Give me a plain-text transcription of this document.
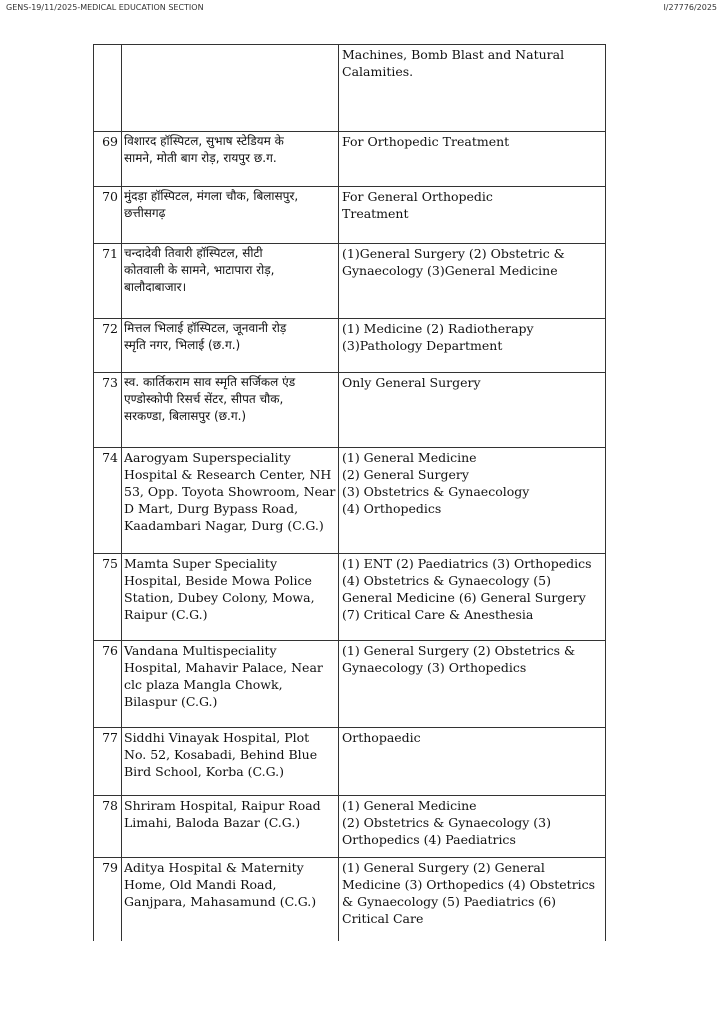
GENS-19/11/2025-MEDICAL EDUCATION SECTION	I/27776/2025

		Machines, Bomb Blast and Natural
Calamities.

69	विशारद हॉस्पिटल, सुभाष स्टेडियम के
सामने, मोती बाग रोड़, रायपुर छ.ग.	For Orthopedic Treatment

70	मुंदड़ा हॉस्पिटल, मंगला चौक, बिलासपुर,
छत्तीसगढ़	For General Orthopedic
Treatment

71	चन्दादेवी तिवारी हॉस्पिटल, सीटी
कोतवाली के सामने, भाटापारा रोड़,
बालौदाबाजार।	(1)General Surgery (2) Obstetric &
Gynaecology (3)General Medicine

72	मित्तल भिलाई हॉस्पिटल, जूनवानी रोड़
स्मृति नगर, भिलाई (छ.ग.)	(1) Medicine (2) Radiotherapy
(3)Pathology Department

73	स्व. कार्तिकराम साव स्मृति सर्जिकल एंड
एण्डोस्कोपी रिसर्च सेंटर, सीपत चौक,
सरकण्डा, बिलासपुर (छ.ग.)	Only General Surgery

74	Aarogyam Superspeciality
Hospital & Research Center, NH
53, Opp. Toyota Showroom, Near
D Mart, Durg Bypass Road,
Kaadambari Nagar, Durg (C.G.)	(1) General Medicine
(2) General Surgery
(3) Obstetrics & Gynaecology
(4) Orthopedics

75	Mamta Super Speciality
Hospital, Beside Mowa Police
Station, Dubey Colony, Mowa,
Raipur (C.G.)	(1) ENT (2) Paediatrics (3) Orthopedics
(4) Obstetrics & Gynaecology (5)
General Medicine (6) General Surgery
(7) Critical Care & Anesthesia

76	Vandana Multispeciality
Hospital, Mahavir Palace, Near
clc plaza Mangla Chowk,
Bilaspur (C.G.)	(1) General Surgery (2) Obstetrics &
Gynaecology (3) Orthopedics

77	Siddhi Vinayak Hospital, Plot
No. 52, Kosabadi, Behind Blue
Bird School, Korba (C.G.)	Orthopaedic

78	Shriram Hospital, Raipur Road
Limahi, Baloda Bazar (C.G.)	(1) General Medicine
(2) Obstetrics & Gynaecology (3)
Orthopedics (4) Paediatrics

79	Aditya Hospital & Maternity
Home, Old Mandi Road,
Ganjpara, Mahasamund (C.G.)	(1) General Surgery (2) General
Medicine (3) Orthopedics (4) Obstetrics
& Gynaecology (5) Paediatrics (6)
Critical Care
